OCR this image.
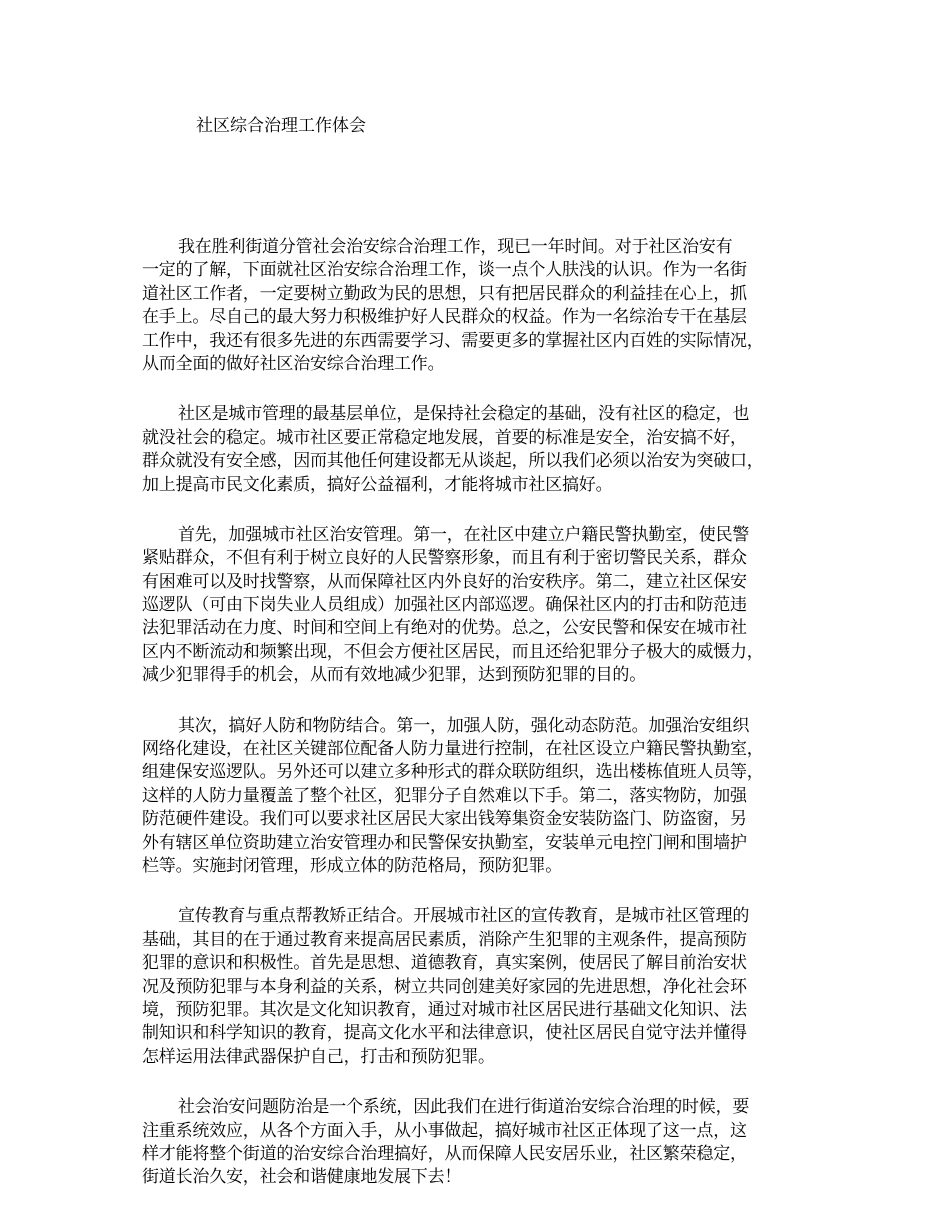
社区综合治理工作体会
我在胜利街道分管社会治安综合治理工作，现已一年时间。对于社区治安有
一定的了解，下面就社区治安综合治理工作，谈一点个人肤浅的认识。作为一名街
道社区工作者，一定要树立勤政为民的思想，只有把居民群众的利益挂在心上，抓
在手上。尽自己的最大努力积极维护好人民群众的权益。作为一名综治专干在基层
工作中，我还有很多先进的东西需要学习、需要更多的掌握社区内百姓的实际情况，
从而全面的做好社区治安综合治理工作。
社区是城市管理的最基层单位，是保持社会稳定的基础，没有社区的稳定，也
就没社会的稳定。城市社区要正常稳定地发展，首要的标准是安全，治安搞不好，
群众就没有安全感，因而其他任何建设都无从谈起，所以我们必须以治安为突破口，
加上提高市民文化素质，搞好公益福利，才能将城市社区搞好。
首先，加强城市社区治安管理。第一，在社区中建立户籍民警执勤室，使民警
紧贴群众，不但有利于树立良好的人民警察形象，而且有利于密切警民关系，群众
有困难可以及时找警察，从而保障社区内外良好的治安秩序。第二，建立社区保安
巡逻队（可由下岗失业人员组成）加强社区内部巡逻。确保社区内的打击和防范违
法犯罪活动在力度、时间和空间上有绝对的优势。总之，公安民警和保安在城市社
区内不断流动和频繁出现，不但会方便社区居民，而且还给犯罪分子极大的威慑力，
减少犯罪得手的机会，从而有效地减少犯罪，达到预防犯罪的目的。
其次，搞好人防和物防结合。第一，加强人防，强化动态防范。加强治安组织
网络化建设，在社区关键部位配备人防力量进行控制，在社区设立户籍民警执勤室，
组建保安巡逻队。另外还可以建立多种形式的群众联防组织，选出楼栋值班人员等，
这样的人防力量覆盖了整个社区，犯罪分子自然难以下手。第二，落实物防，加强
防范硬件建设。我们可以要求社区居民大家出钱筹集资金安装防盗门、防盗窗，另
外有辖区单位资助建立治安管理办和民警保安执勤室，安装单元电控门闸和围墙护
栏等。实施封闭管理，形成立体的防范格局，预防犯罪。
宣传教育与重点帮教矫正结合。开展城市社区的宣传教育，是城市社区管理的
基础，其目的在于通过教育来提高居民素质，消除产生犯罪的主观条件，提高预防
犯罪的意识和积极性。首先是思想、道德教育，真实案例，使居民了解目前治安状
况及预防犯罪与本身利益的关系，树立共同创建美好家园的先进思想，净化社会环
境，预防犯罪。其次是文化知识教育，通过对城市社区居民进行基础文化知识、法
制知识和科学知识的教育，提高文化水平和法律意识，使社区居民自觉守法并懂得
怎样运用法律武器保护自己，打击和预防犯罪。
社会治安问题防治是一个系统，因此我们在进行街道治安综合治理的时候，要
注重系统效应，从各个方面入手，从小事做起，搞好城市社区正体现了这一点，这
样才能将整个街道的治安综合治理搞好，从而保障人民安居乐业，社区繁荣稳定，
街道长治久安，社会和谐健康地发展下去！
